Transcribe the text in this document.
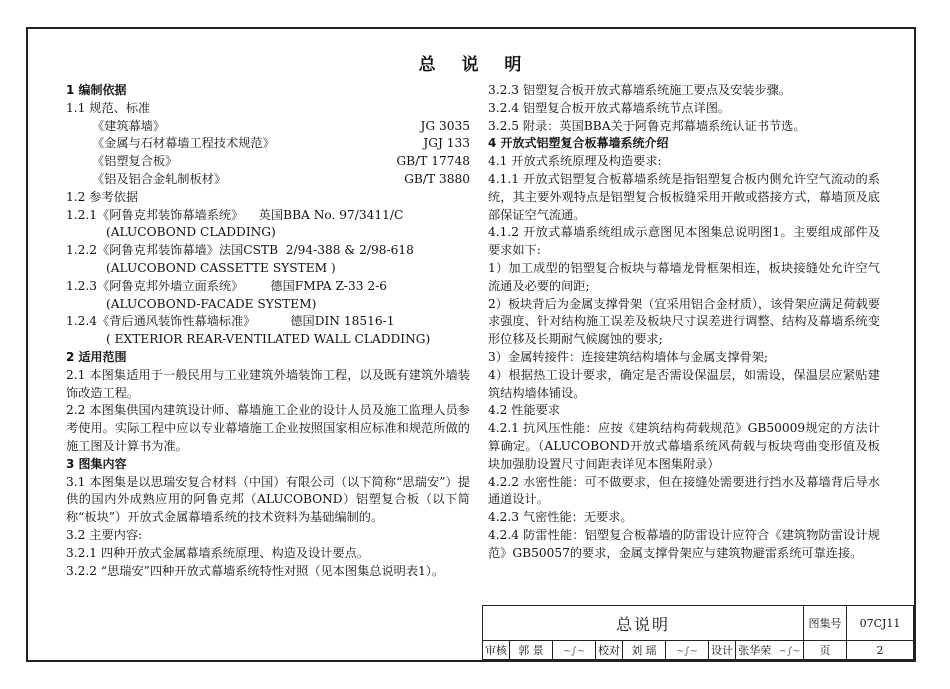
总 说 明
1 编制依据
1.1 规范、标准
《建筑幕墙》	JG 3035
《金属与石材幕墙工程技术规范》	JGJ 133
《铝塑复合板》	GB/T 17748
《铝及铝合金轧制板材》	GB/T 3880
1.2 参考依据
1.2.1《阿鲁克邦装饰幕墙系统》    英国BBA No. 97/3411/C
(ALUCOBOND CLADDING)
1.2.2《阿鲁克邦装饰幕墙》法国CSTB  2/94-388 & 2/98-618
(ALUCOBOND CASSETTE SYSTEM )
1.2.3《阿鲁克邦外墙立面系统》       德国FMPA Z-33 2-6
(ALUCOBOND-FACADE SYSTEM)
1.2.4《背后通风装饰性幕墙标准》         德国DIN 18516-1
( EXTERIOR REAR-VENTILATED WALL CLADDING)
2 适用范围
2.1 本图集适用于一般民用与工业建筑外墙装饰工程，以及既有建筑外墙装饰改造工程。
2.2 本图集供国内建筑设计师、幕墙施工企业的设计人员及施工监理人员参考使用。实际工程中应以专业幕墙施工企业按照国家相应标准和规范所做的施工图及计算书为准。
3 图集内容
3.1 本图集是以思瑞安复合材料（中国）有限公司（以下简称“思瑞安”）提供的国内外成熟应用的阿鲁克邦（ALUCOBOND）铝塑复合板（以下简称“板块”）开放式金属幕墙系统的技术资料为基础编制的。
3.2 主要内容:
3.2.1 四种开放式金属幕墙系统原理、构造及设计要点。
3.2.2 “思瑞安”四种开放式幕墙系统特性对照（见本图集总说明表1）。
3.2.3 铝塑复合板开放式幕墙系统施工要点及安装步骤。
3.2.4 铝塑复合板开放式幕墙系统节点详图。
3.2.5 附录：英国BBA关于阿鲁克邦幕墙系统认证书节选。
4 开放式铝塑复合板幕墙系统介绍
4.1 开放式系统原理及构造要求:
4.1.1 开放式铝塑复合板幕墙系统是指铝塑复合板内侧允许空气流动的系统，其主要外观特点是铝塑复合板板缝采用开敞或搭接方式，幕墙顶及底部保证空气流通。
4.1.2 开放式幕墙系统组成示意图见本图集总说明图1。主要组成部件及要求如下:
1）加工成型的铝塑复合板块与幕墙龙骨框架相连，板块接缝处允许空气流通及必要的间距;
2）板块背后为金属支撑骨架（宜采用铝合金材质），该骨架应满足荷载要求强度、针对结构施工误差及板块尺寸误差进行调整、结构及幕墙系统变形位移及长期耐气候腐蚀的要求;
3）金属转接件：连接建筑结构墙体与金属支撑骨架;
4）根据热工设计要求，确定是否需设保温层，如需设，保温层应紧贴建筑结构墙体铺设。
4.2 性能要求
4.2.1 抗风压性能：应按《建筑结构荷载规范》GB50009规定的方法计算确定。（ALUCOBOND开放式幕墙系统风荷载与板块弯曲变形值及板块加强肋设置尺寸间距表详见本图集附录）
4.2.2 水密性能：可不做要求，但在接缝处需要进行挡水及幕墙背后导水通道设计。
4.2.3 气密性能：无要求。
4.2.4 防雷性能：铝塑复合板幕墙的防雷设计应符合《建筑物防雷设计规范》GB50057的要求，金属支撑骨架应与建筑物避雷系统可靠连接。
总说明								图集号	07CJ11
审核	郭 景	~∫~	校对	刘 瑶	~∫~	设计	张华荣 ~∫~	页	2
